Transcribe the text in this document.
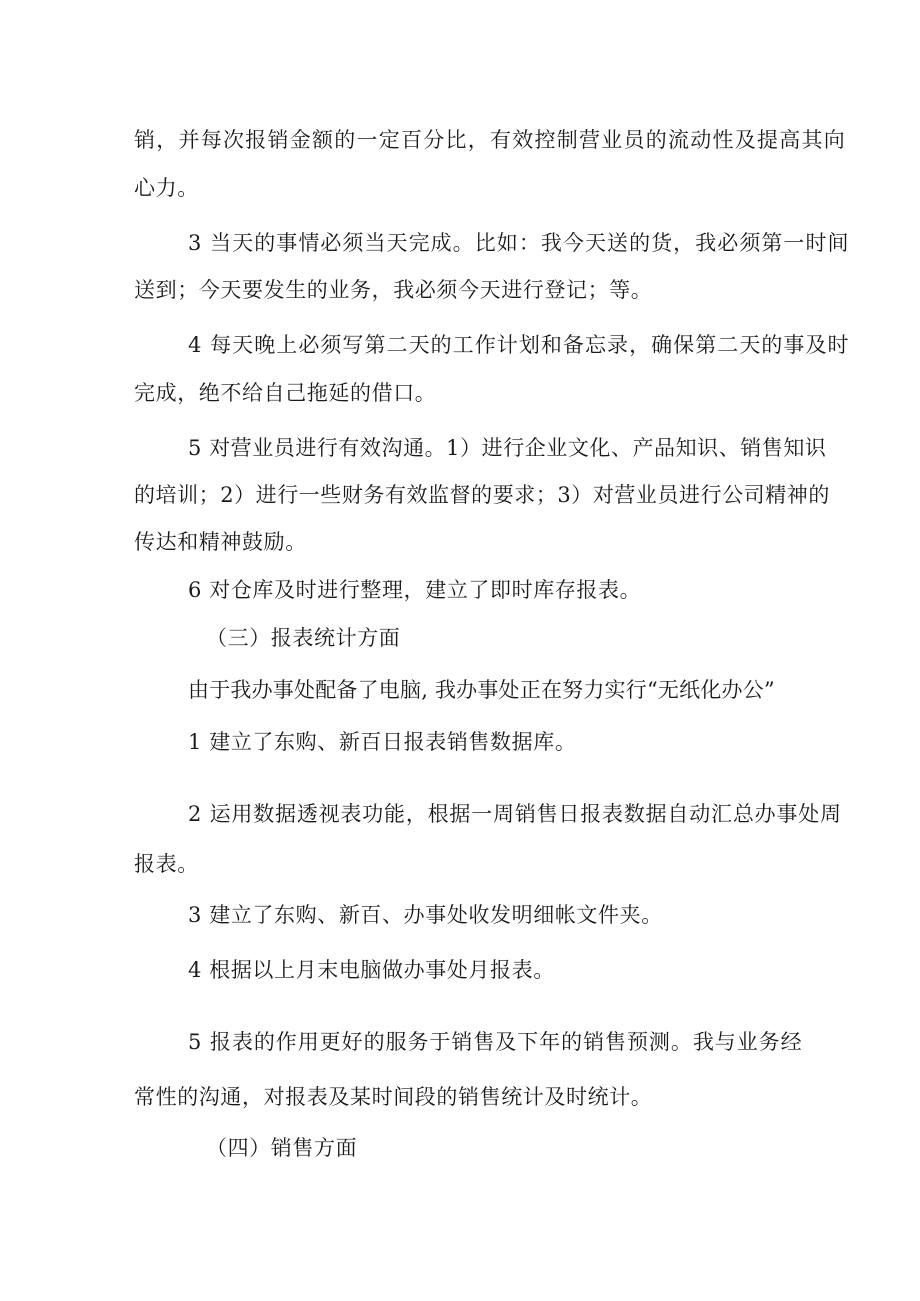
销，并每次报销金额的一定百分比，有效控制营业员的流动性及提高其向
心力。
3 当天的事情必须当天完成。比如：我今天送的货，我必须第一时间
送到；今天要发生的业务，我必须今天进行登记；等。
4 每天晚上必须写第二天的工作计划和备忘录，确保第二天的事及时
完成，绝不给自己拖延的借口。
5 对营业员进行有效沟通。1）进行企业文化、产品知识、销售知识
的培训；2）进行一些财务有效监督的要求；3）对营业员进行公司精神的
传达和精神鼓励。
6 对仓库及时进行整理，建立了即时库存报表。
（三）报表统计方面
由于我办事处配备了电脑, 我办事处正在努力实行“无纸化办公”
1 建立了东购、新百日报表销售数据库。
2 运用数据透视表功能，根据一周销售日报表数据自动汇总办事处周
报表。
3 建立了东购、新百、办事处收发明细帐文件夹。
4 根据以上月末电脑做办事处月报表。
5 报表的作用更好的服务于销售及下年的销售预测。我与业务经
常性的沟通，对报表及某时间段的销售统计及时统计。
（四）销售方面
